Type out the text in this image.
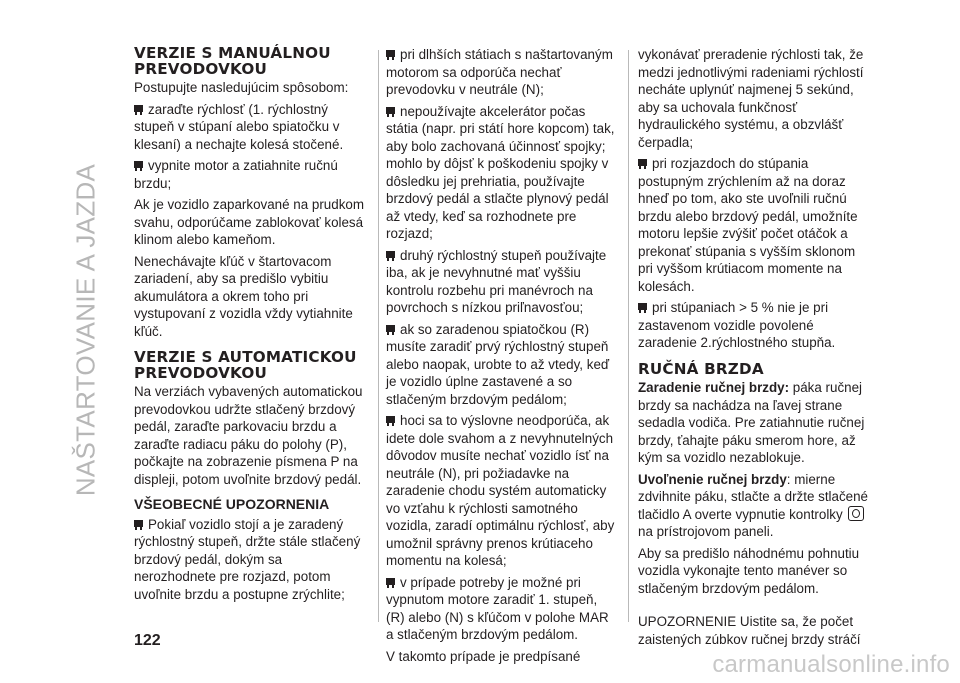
NAŠTARTOVANIE A JAZDA
VERZIE S MANUÁLNOU PREVODOVKOU

Postupujte nasledujúcim spôsobom:

zaraďte rýchlosť (1. rýchlostný stupeň v stúpaní alebo spiatočku v klesaní) a nechajte kolesá stočené.

vypnite motor a zatiahnite ručnú brzdu;

Ak je vozidlo zaparkované na prudkom svahu, odporúčame zablokovať kolesá klinom alebo kameňom.

Nenechávajte kľúč v štartovacom zariadení, aby sa predišlo vybitiu akumulátora a okrem toho pri vystupovaní z vozidla vždy vytiahnite kľúč.

VERZIE S AUTOMATICKOU PREVODOVKOU

Na verziách vybavených automatickou prevodovkou udržte stlačený brzdový pedál, zaraďte parkovaciu brzdu a zaraďte radiacu páku do polohy (P), počkajte na zobrazenie písmena P na displeji, potom uvoľnite brzdový pedál.

VŠEOBECNÉ UPOZORNENIA

Pokiaľ vozidlo stojí a je zaradený rýchlostný stupeň, držte stále stlačený brzdový pedál, dokým sa nerozhodnete pre rozjazd, potom uvoľnite brzdu a postupne zrýchlite;

pri dlhších státiach s naštartovaným motorom sa odporúča nechať prevodovku v neutrále (N);

nepoužívajte akcelerátor počas státia (napr. pri státí hore kopcom) tak, aby bolo zachovaná účinnosť spojky; mohlo by dôjsť k poškodeniu spojky v dôsledku jej prehriatia, používajte brzdový pedál a stlačte plynový pedál až vtedy, keď sa rozhodnete pre rozjazd;

druhý rýchlostný stupeň používajte iba, ak je nevyhnutné mať vyššiu kontrolu rozbehu pri manévroch na povrchoch s nízkou priľnavosťou;

ak so zaradenou spiatočkou (R) musíte zaradiť prvý rýchlostný stupeň alebo naopak, urobte to až vtedy, keď je vozidlo úplne zastavené a so stlačeným brzdovým pedálom;

hoci sa to výslovne neodporúča, ak idete dole svahom a z nevyhnutelných dôvodov musíte nechať vozidlo ísť na neutrále (N), pri požiadavke na zaradenie chodu systém automaticky vo vzťahu k rýchlosti samotného vozidla, zaradí optimálnu rýchlosť, aby umožnil správny prenos krútiaceho momentu na kolesá;

v prípade potreby je možné pri vypnutom motore zaradiť 1. stupeň, (R) alebo (N) s kľúčom v polohe MAR a stlačeným brzdovým pedálom.

V takomto prípade je predpísané

vykonávať preradenie rýchlosti tak, že medzi jednotlivými radeniami rýchlostí necháte uplynúť najmenej 5 sekúnd, aby sa uchovala funkčnosť hydraulického systému, a obzvlášť čerpadla;

pri rozjazdoch do stúpania postupným zrýchlením až na doraz hneď po tom, ako ste uvoľnili ručnú brzdu alebo brzdový pedál, umožníte motoru lepšie zvýšiť počet otáčok a prekonať stúpania s vyšším sklonom pri vyššom krútiacom momente na kolesách.

pri stúpaniach > 5 % nie je pri zastavenom vozidle povolené zaradenie 2.rýchlostného stupňa.

RUČNÁ BRZDA

Zaradenie ručnej brzdy: páka ručnej brzdy sa nachádza na ľavej strane sedadla vodiča. Pre zatiahnutie ručnej brzdy, ťahajte páku smerom hore, až kým sa vozidlo nezablokuje.

Uvoľnenie ručnej brzdy: mierne zdvihnite páku, stlačte a držte stlačené tlačidlo A overte vypnutie kontrolky  na prístrojovom paneli.

Aby sa predišlo náhodnému pohnutiu vozidla vykonajte tento manéver so stlačeným brzdovým pedálom.

UPOZORNENIE Uistite sa, že počet zaistených zúbkov ručnej brzdy stráčí

122
carmanualsonline.info
